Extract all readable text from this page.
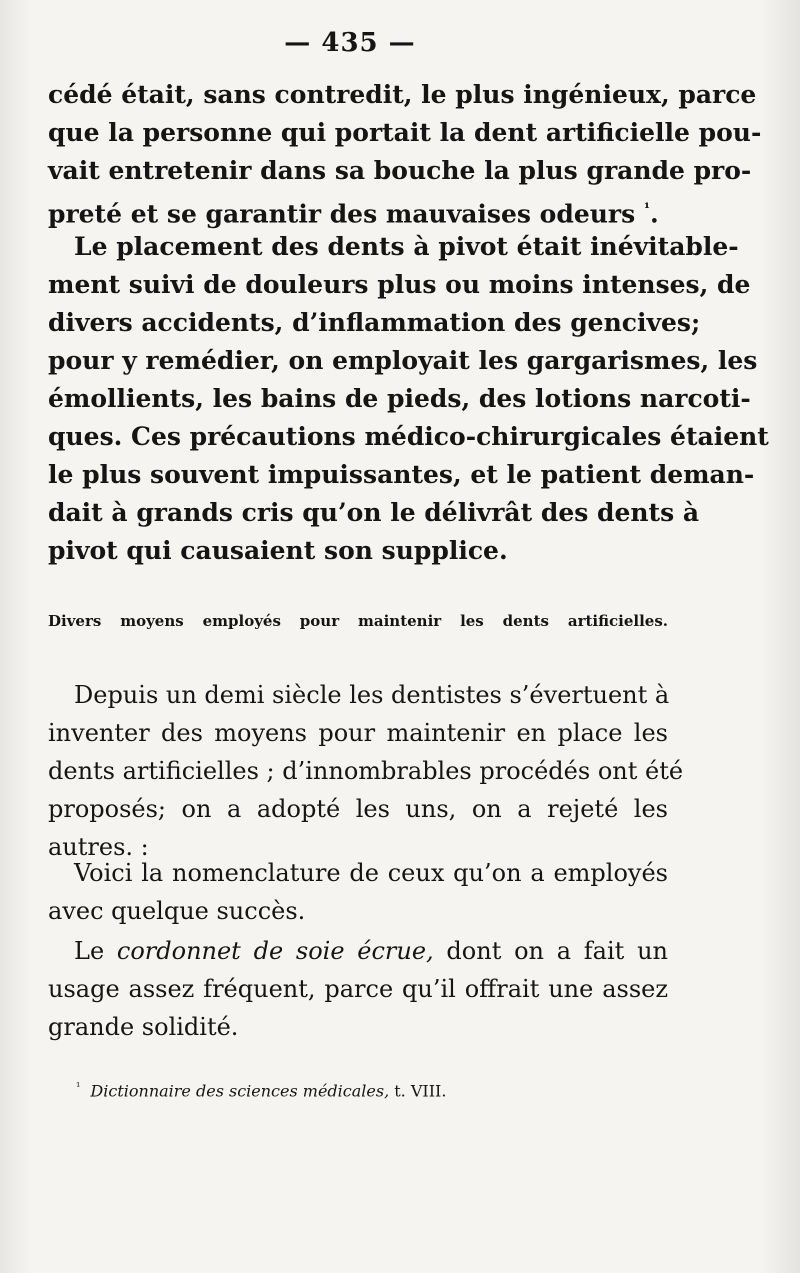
— 435 —
cédé était, sans contredit, le plus ingénieux, parce
que la personne qui portait la dent artificielle pou-
vait entretenir dans sa bouche la plus grande pro-
preté et se garantir des mauvaises odeurs $^{^1}$.
Le placement des dents à pivot était inévitable-
ment suivi de douleurs plus ou moins intenses, de
divers accidents, d’inflammation des gencives;
pour y remédier, on employait les gargarismes, les
émollients, les bains de pieds, des lotions narcoti-
ques. Ces précautions médico-chirurgicales étaient
le plus souvent impuissantes, et le patient deman-
dait à grands cris qu’on le délivrât des dents à
pivot qui causaient son supplice.
Divers moyens employés pour maintenir les dents artificielles.
Depuis un demi siècle les dentistes s’évertuent à
inventer des moyens pour maintenir en place les
dents artificielles ; d’innombrables procédés ont été
proposés; on a adopté les uns, on a rejeté les
autres. :
Voici la nomenclature de ceux qu’on a employés
avec quelque succès.
Le cordonnet de soie écrue, dont on a fait un
usage assez fréquent, parce qu’il offrait une assez
grande solidité.
$^{^1}$ Dictionnaire des sciences médicales, t. VIII.
